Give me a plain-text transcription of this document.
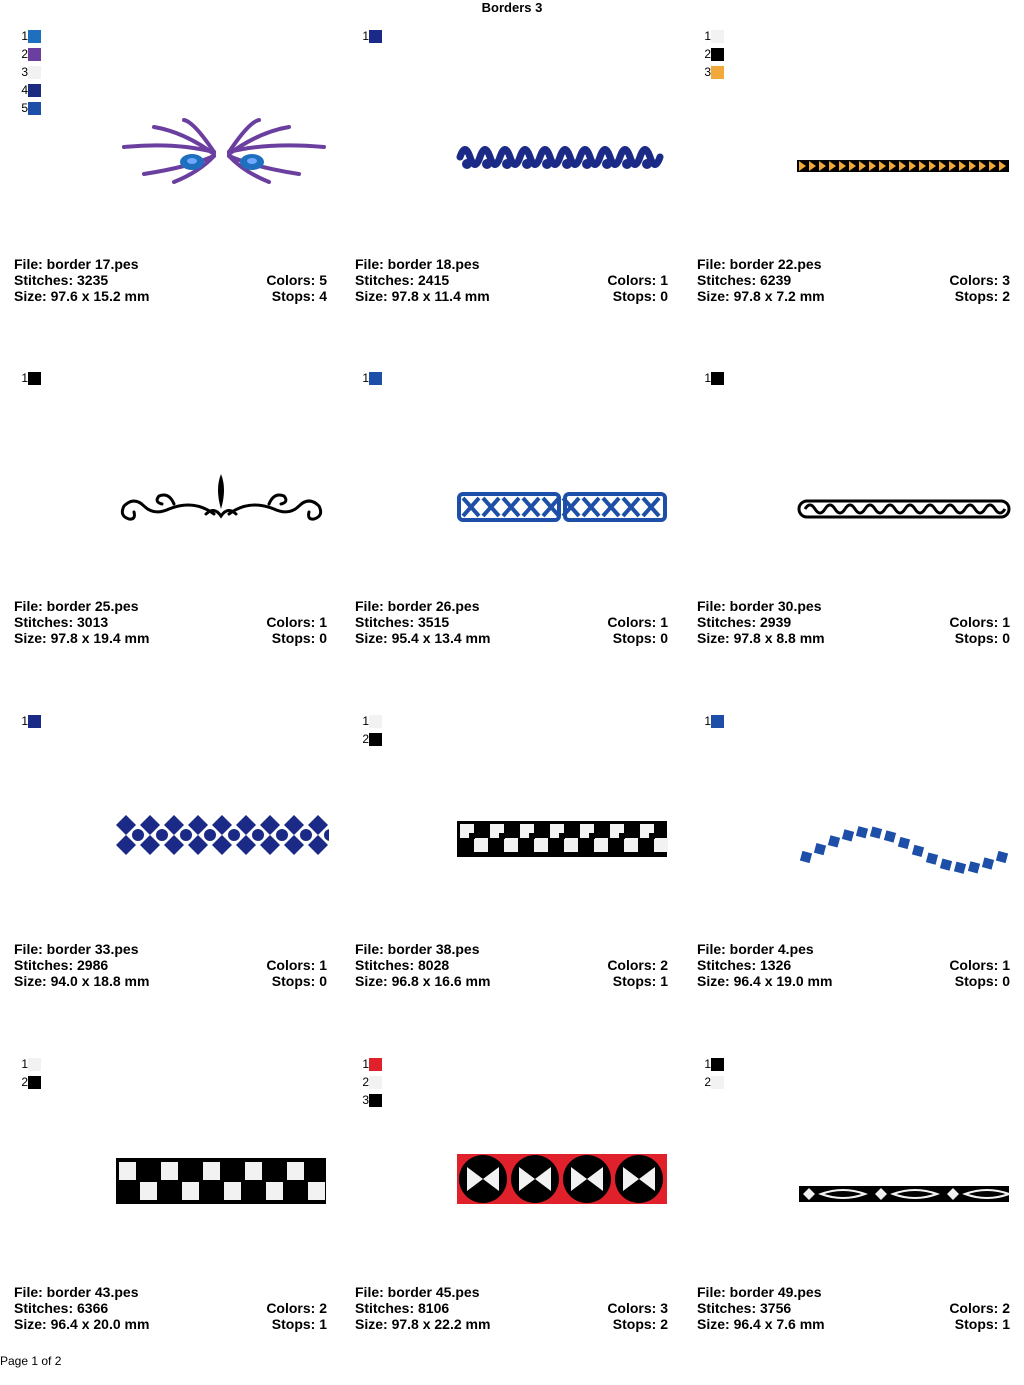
Borders 3
1
2
3
4
5
File: border 17.pes
Stitches: 3235	Colors: 5
Size: 97.6 x 15.2 mm	Stops: 4
1
File: border 18.pes
Stitches: 2415	Colors: 1
Size: 97.8 x 11.4 mm	Stops: 0
1
2
3
File: border 22.pes
Stitches: 6239	Colors: 3
Size: 97.8 x 7.2 mm	Stops: 2
1
File: border 25.pes
Stitches: 3013	Colors: 1
Size: 97.8 x 19.4 mm	Stops: 0
1
File: border 26.pes
Stitches: 3515	Colors: 1
Size: 95.4 x 13.4 mm	Stops: 0
1
File: border 30.pes
Stitches: 2939	Colors: 1
Size: 97.8 x 8.8 mm	Stops: 0
1
File: border 33.pes
Stitches: 2986	Colors: 1
Size: 94.0 x 18.8 mm	Stops: 0
1
2
File: border 38.pes
Stitches: 8028	Colors: 2
Size: 96.8 x 16.6 mm	Stops: 1
1
File: border 4.pes
Stitches: 1326	Colors: 1
Size: 96.4 x 19.0 mm	Stops: 0
1
2
File: border 43.pes
Stitches: 6366	Colors: 2
Size: 96.4 x 20.0 mm	Stops: 1
1
2
3
File: border 45.pes
Stitches: 8106	Colors: 3
Size: 97.8 x 22.2 mm	Stops: 2
1
2
File: border 49.pes
Stitches: 3756	Colors: 2
Size: 96.4 x 7.6 mm	Stops: 1
Page 1 of 2
